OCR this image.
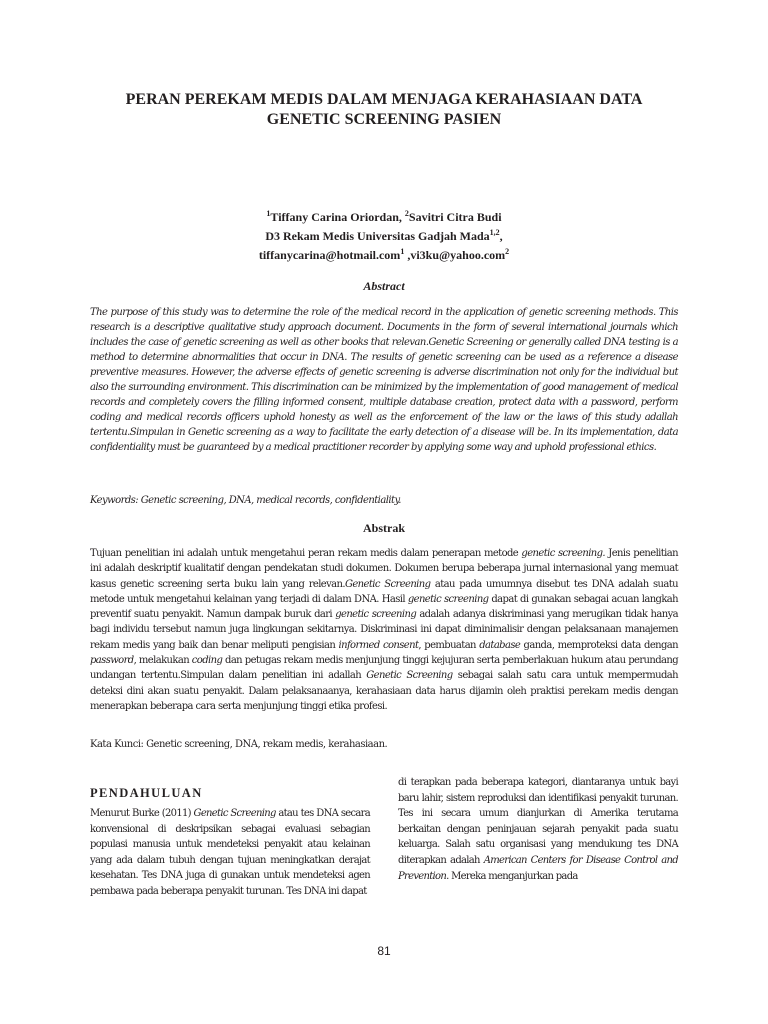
PERAN PEREKAM MEDIS DALAM MENJAGA KERAHASIAAN DATA
GENETIC SCREENING PASIEN
$^1$Tiffany Carina Oriordan, $^2$Savitri Citra Budi
D3 Rekam Medis Universitas Gadjah Mada$^{1,2}$,
tiffanycarina@hotmail.com$^1$ ,vi3ku@yahoo.com$^2$
Abstract

The purpose of this study was to determine the role of the medical record in the application of genetic screening methods. This research is a descriptive qualitative study approach document. Documents in the form of several international journals which includes the case of genetic screening as well as other books that relevan.Genetic Screening or generally called DNA testing is a method to determine abnormalities that occur in DNA. The results of genetic screening can be used as a reference a disease preventive measures. However, the adverse effects of genetic screening is adverse discrimination not only for the individual but also the surrounding environment. This discrimination can be minimized by the implementation of good management of medical records and completely covers the filling informed consent, multiple database creation, protect data with a password, perform coding and medical records officers uphold honesty as well as the enforcement of the law or the laws of this study adallah tertentu.Simpulan in Genetic screening as a way to facilitate the early detection of a disease will be. In its implementation, data confidentiality must be guaranteed by a medical practitioner recorder by applying some way and uphold professional ethics.

Keywords: Genetic screening, DNA, medical records, confidentiality.

Abstrak

Tujuan penelitian ini adalah untuk mengetahui peran rekam medis dalam penerapan metode genetic screening. Jenis penelitian ini adalah deskriptif kualitatif dengan pendekatan studi dokumen. Dokumen berupa beberapa jurnal internasional yang memuat kasus genetic screening serta buku lain yang relevan.Genetic Screening atau pada umumnya disebut tes DNA adalah suatu metode untuk mengetahui kelainan yang terjadi di dalam DNA. Hasil genetic screening dapat di gunakan sebagai acuan langkah preventif suatu penyakit. Namun dampak buruk dari genetic screening adalah adanya diskriminasi yang merugikan tidak hanya bagi individu tersebut namun juga lingkungan sekitarnya. Diskriminasi ini dapat diminimalisir dengan pelaksanaan manajemen rekam medis yang baik dan benar meliputi pengisian informed consent, pembuatan database ganda, memproteksi data dengan password, melakukan coding dan petugas rekam medis menjunjung tinggi kejujuran serta pemberlakuan hukum atau perundang undangan tertentu.Simpulan dalam penelitian ini adallah Genetic Screening sebagai salah satu cara untuk mempermudah deteksi dini akan suatu penyakit. Dalam pelaksanaanya, kerahasiaan data harus dijamin oleh praktisi perekam medis dengan menerapkan beberapa cara serta menjunjung tinggi etika profesi.

Kata Kunci: Genetic screening, DNA, rekam medis, kerahasiaan.

PENDAHULUAN

Menurut Burke (2011) Genetic Screening atau tes DNA secara konvensional di deskripsikan sebagai evaluasi sebagian populasi manusia untuk mendeteksi penyakit atau kelainan yang ada dalam tubuh dengan tujuan meningkatkan derajat kesehatan. Tes DNA juga di gunakan untuk mendeteksi agen pembawa pada beberapa penyakit turunan. Tes DNA ini dapat

di terapkan pada beberapa kategori, diantaranya untuk bayi baru lahir, sistem reproduksi dan identifikasi penyakit turunan. Tes ini secara umum dianjurkan di Amerika terutama berkaitan dengan peninjauan sejarah penyakit pada suatu keluarga. Salah satu organisasi yang mendukung tes DNA diterapkan adalah American Centers for Disease Control and Prevention. Mereka menganjurkan pada

81
